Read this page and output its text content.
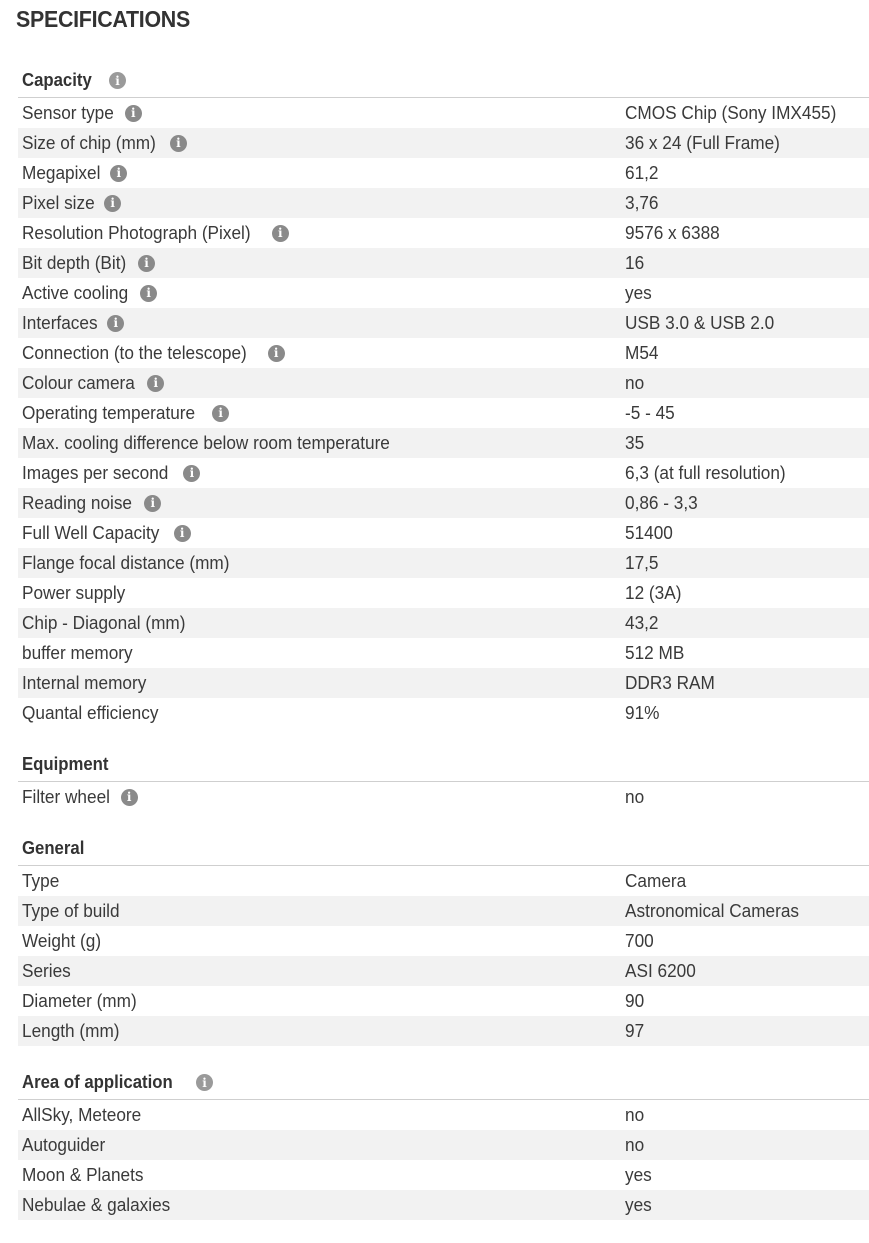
SPECIFICATIONS
Capacity	i
Sensor type	i	CMOS Chip (Sony IMX455)
Size of chip (mm)	i	36 x 24 (Full Frame)
Megapixel	i	61,2
Pixel size	i	3,76
Resolution Photograph (Pixel)	i	9576 x 6388
Bit depth (Bit)	i	16
Active cooling	i	yes
Interfaces	i	USB 3.0 & USB 2.0
Connection (to the telescope)	i	M54
Colour camera	i	no
Operating temperature	i	-5 - 45
Max. cooling difference below room temperature	35
Images per second	i	6,3 (at full resolution)
Reading noise	i	0,86 - 3,3
Full Well Capacity	i	51400
Flange focal distance (mm)	17,5
Power supply	12 (3A)
Chip - Diagonal (mm)	43,2
buffer memory	512 MB
Internal memory	DDR3 RAM
Quantal efficiency	91%
Equipment
Filter wheel	i	no
General
Type	Camera
Type of build	Astronomical Cameras
Weight (g)	700
Series	ASI 6200
Diameter (mm)	90
Length (mm)	97
Area of application	i
AllSky, Meteore	no
Autoguider	no
Moon & Planets	yes
Nebulae & galaxies	yes
